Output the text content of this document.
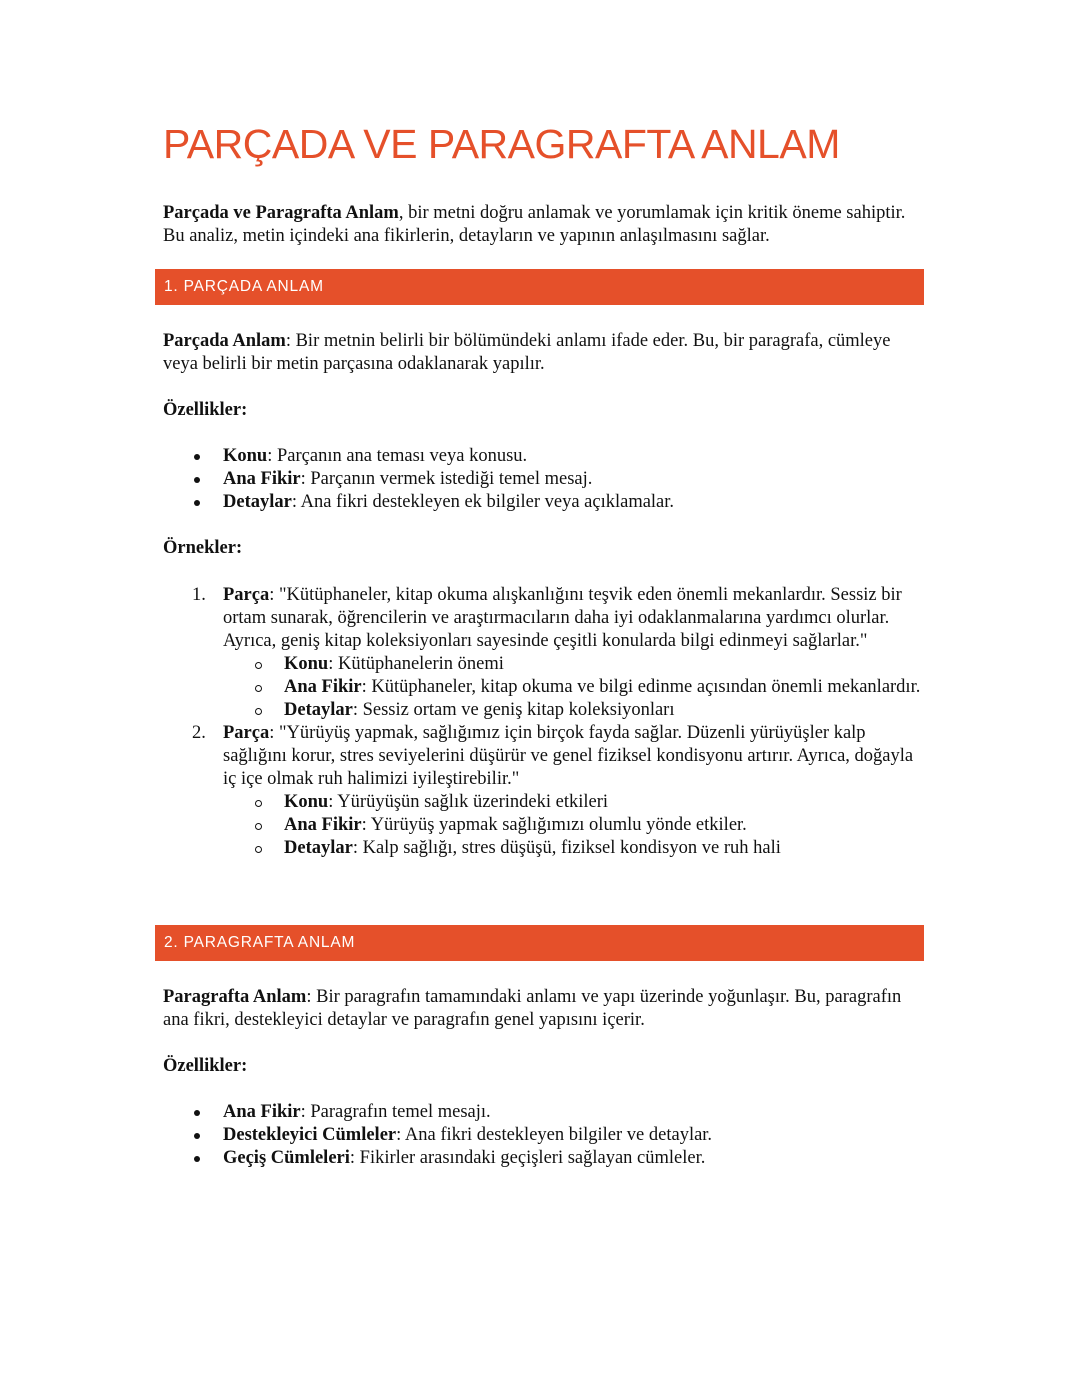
PARÇADA VE PARAGRAFTA ANLAM

Parçada ve Paragrafta Anlam, bir metni doğru anlamak ve yorumlamak için kritik öneme sahiptir. Bu analiz, metin içindeki ana fikirlerin, detayların ve yapının anlaşılmasını sağlar.

1. PARÇADA ANLAM

Parçada Anlam: Bir metnin belirli bir bölümündeki anlamı ifade eder. Bu, bir paragrafa, cümleye veya belirli bir metin parçasına odaklanarak yapılır.

Özellikler:

Konu: Parçanın ana teması veya konusu.
Ana Fikir: Parçanın vermek istediği temel mesaj.
Detaylar: Ana fikri destekleyen ek bilgiler veya açıklamalar.

Örnekler:

1. Parça: "Kütüphaneler, kitap okuma alışkanlığını teşvik eden önemli mekanlardır. Sessiz bir ortam sunarak, öğrencilerin ve araştırmacıların daha iyi odaklanmalarına yardımcı olurlar. Ayrıca, geniş kitap koleksiyonları sayesinde çeşitli konularda bilgi edinmeyi sağlarlar."
Konu: Kütüphanelerin önemi
Ana Fikir: Kütüphaneler, kitap okuma ve bilgi edinme açısından önemli mekanlardır.
Detaylar: Sessiz ortam ve geniş kitap koleksiyonları
2. Parça: "Yürüyüş yapmak, sağlığımız için birçok fayda sağlar. Düzenli yürüyüşler kalp sağlığını korur, stres seviyelerini düşürür ve genel fiziksel kondisyonu artırır. Ayrıca, doğayla iç içe olmak ruh halimizi iyileştirebilir."
Konu: Yürüyüşün sağlık üzerindeki etkileri
Ana Fikir: Yürüyüş yapmak sağlığımızı olumlu yönde etkiler.
Detaylar: Kalp sağlığı, stres düşüşü, fiziksel kondisyon ve ruh hali
2. PARAGRAFTA ANLAM

Paragrafta Anlam: Bir paragrafın tamamındaki anlamı ve yapı üzerinde yoğunlaşır. Bu, paragrafın ana fikri, destekleyici detaylar ve paragrafın genel yapısını içerir.

Özellikler:

Ana Fikir: Paragrafın temel mesajı.
Destekleyici Cümleler: Ana fikri destekleyen bilgiler ve detaylar.
Geçiş Cümleleri: Fikirler arasındaki geçişleri sağlayan cümleler.
